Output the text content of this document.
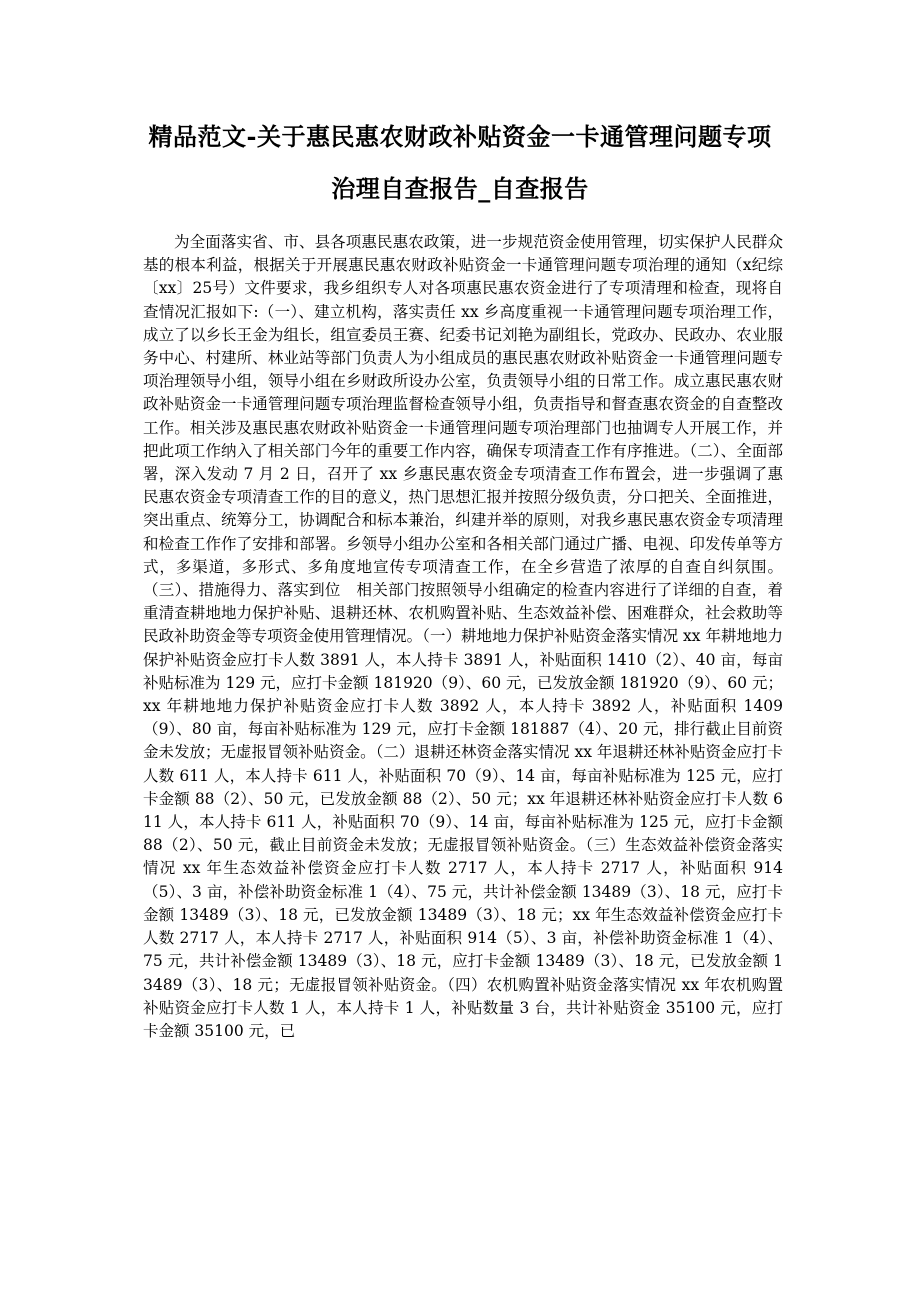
精品范文-关于惠民惠农财政补贴资金一卡通管理问题专项
治理自查报告_自查报告

为全面落实省、市、县各项惠民惠农政策，进一步规范资金使用管理，切实保护人民群众基的根本利益，根据关于开展惠民惠农财政补贴资金一卡通管理问题专项治理的通知（x纪综〔xx〕25号）文件要求，我乡组织专人对各项惠民惠农资金进行了专项清理和检查，现将自查情况汇报如下:（一）、建立机构，落实责任 xx 乡高度重视一卡通管理问题专项治理工作，成立了以乡长王金为组长，组宣委员王赛、纪委书记刘艳为副组长，党政办、民政办、农业服务中心、村建所、林业站等部门负责人为小组成员的惠民惠农财政补贴资金一卡通管理问题专项治理领导小组，领导小组在乡财政所设办公室，负责领导小组的日常工作。成立惠民惠农财政补贴资金一卡通管理问题专项治理监督检查领导小组，负责指导和督查惠农资金的自查整改工作。相关涉及惠民惠农财政补贴资金一卡通管理问题专项治理部门也抽调专人开展工作，并把此项工作纳入了相关部门今年的重要工作内容，确保专项清查工作有序推进。（二）、全面部署，深入发动 7 月 2 日，召开了 xx 乡惠民惠农资金专项清查工作布置会，进一步强调了惠民惠农资金专项清查工作的目的意义，热门思想汇报并按照分级负责，分口把关、全面推进，突出重点、统筹分工，协调配合和标本兼治，纠建并举的原则，对我乡惠民惠农资金专项清理和检查工作作了安排和部署。乡领导小组办公室和各相关部门通过广播、电视、印发传单等方式，多渠道，多形式、多角度地宣传专项清查工作，在全乡营造了浓厚的自查自纠氛围。（三）、措施得力、落实到位　相关部门按照领导小组确定的检查内容进行了详细的自查，着重清查耕地地力保护补贴、退耕还林、农机购置补贴、生态效益补偿、困难群众，社会救助等民政补助资金等专项资金使用管理情况。（一）耕地地力保护补贴资金落实情况 xx 年耕地地力保护补贴资金应打卡人数 3891 人，本人持卡 3891 人，补贴面积 1410（2）、40 亩，每亩补贴标准为 129 元，应打卡金额 181920（9）、60 元，已发放金额 181920（9）、60 元；xx 年耕地地力保护补贴资金应打卡人数 3892 人，本人持卡 3892 人，补贴面积 1409（9）、80 亩，每亩补贴标准为 129 元，应打卡金额 181887（4）、20 元，排行截止目前资金未发放；无虚报冒领补贴资金。（二）退耕还林资金落实情况 xx 年退耕还林补贴资金应打卡人数 611 人，本人持卡 611 人，补贴面积 70（9）、14 亩，每亩补贴标准为 125 元，应打卡金额 88（2）、50 元，已发放金额 88（2）、50 元；xx 年退耕还林补贴资金应打卡人数 611 人，本人持卡 611 人，补贴面积 70（9）、14 亩，每亩补贴标准为 125 元，应打卡金额 88（2）、50 元，截止目前资金未发放；无虚报冒领补贴资金。（三）生态效益补偿资金落实情况 xx 年生态效益补偿资金应打卡人数 2717 人，本人持卡 2717 人，补贴面积 914（5）、3 亩，补偿补助资金标准 1（4）、75 元，共计补偿金额 13489（3）、18 元，应打卡金额 13489（3）、18 元，已发放金额 13489（3）、18 元；xx 年生态效益补偿资金应打卡人数 2717 人，本人持卡 2717 人，补贴面积 914（5）、3 亩，补偿补助资金标准 1（4）、75 元，共计补偿金额 13489（3）、18 元，应打卡金额 13489（3）、18 元，已发放金额 13489（3）、18 元；无虚报冒领补贴资金。（四）农机购置补贴资金落实情况 xx 年农机购置补贴资金应打卡人数 1 人，本人持卡 1 人，补贴数量 3 台，共计补贴资金 35100 元，应打卡金额 35100 元，已
